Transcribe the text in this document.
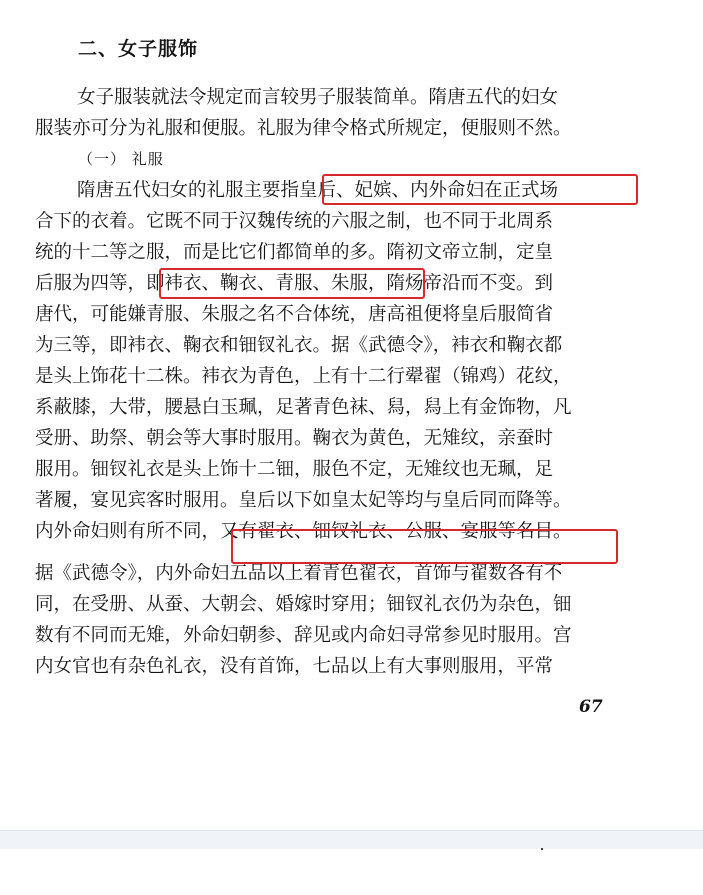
二、女子服饰
女子服装就法令规定而言较男子服装简单。隋唐五代的妇女
服装亦可分为礼服和便服。礼服为律令格式所规定，便服则不然。
（一） 礼服
隋唐五代妇女的礼服主要指皇后、妃嫔、内外命妇在正式场
合下的衣着。它既不同于汉魏传统的六服之制，也不同于北周系
统的十二等之服，而是比它们都简单的多。隋初文帝立制，定皇
后服为四等，即袆衣、鞠衣、青服、朱服，隋炀帝沿而不变。到
唐代，可能嫌青服、朱服之名不合体统，唐高祖便将皇后服简省
为三等，即袆衣、鞠衣和钿钗礼衣。据《武德令》，袆衣和鞠衣都
是头上饰花十二株。袆衣为青色，上有十二行翚翟（锦鸡）花纹，
系蔽膝，大带，腰悬白玉珮，足著青色袜、舄，舄上有金饰物，凡
受册、助祭、朝会等大事时服用。鞠衣为黄色，无雉纹，亲蚕时
服用。钿钗礼衣是头上饰十二钿，服色不定，无雉纹也无珮，足
著履，宴见宾客时服用。皇后以下如皇太妃等均与皇后同而降等。
内外命妇则有所不同，又有翟衣、钿钗礼衣、公服、宴服等名目。
据《武德令》，内外命妇五品以上着青色翟衣，首饰与翟数各有不
同，在受册、从蚕、大朝会、婚嫁时穿用；钿钗礼衣仍为杂色，钿
数有不同而无雉，外命妇朝参、辞见或内命妇寻常参见时服用。宫
内女官也有杂色礼衣，没有首饰，七品以上有大事则服用，平常
67
